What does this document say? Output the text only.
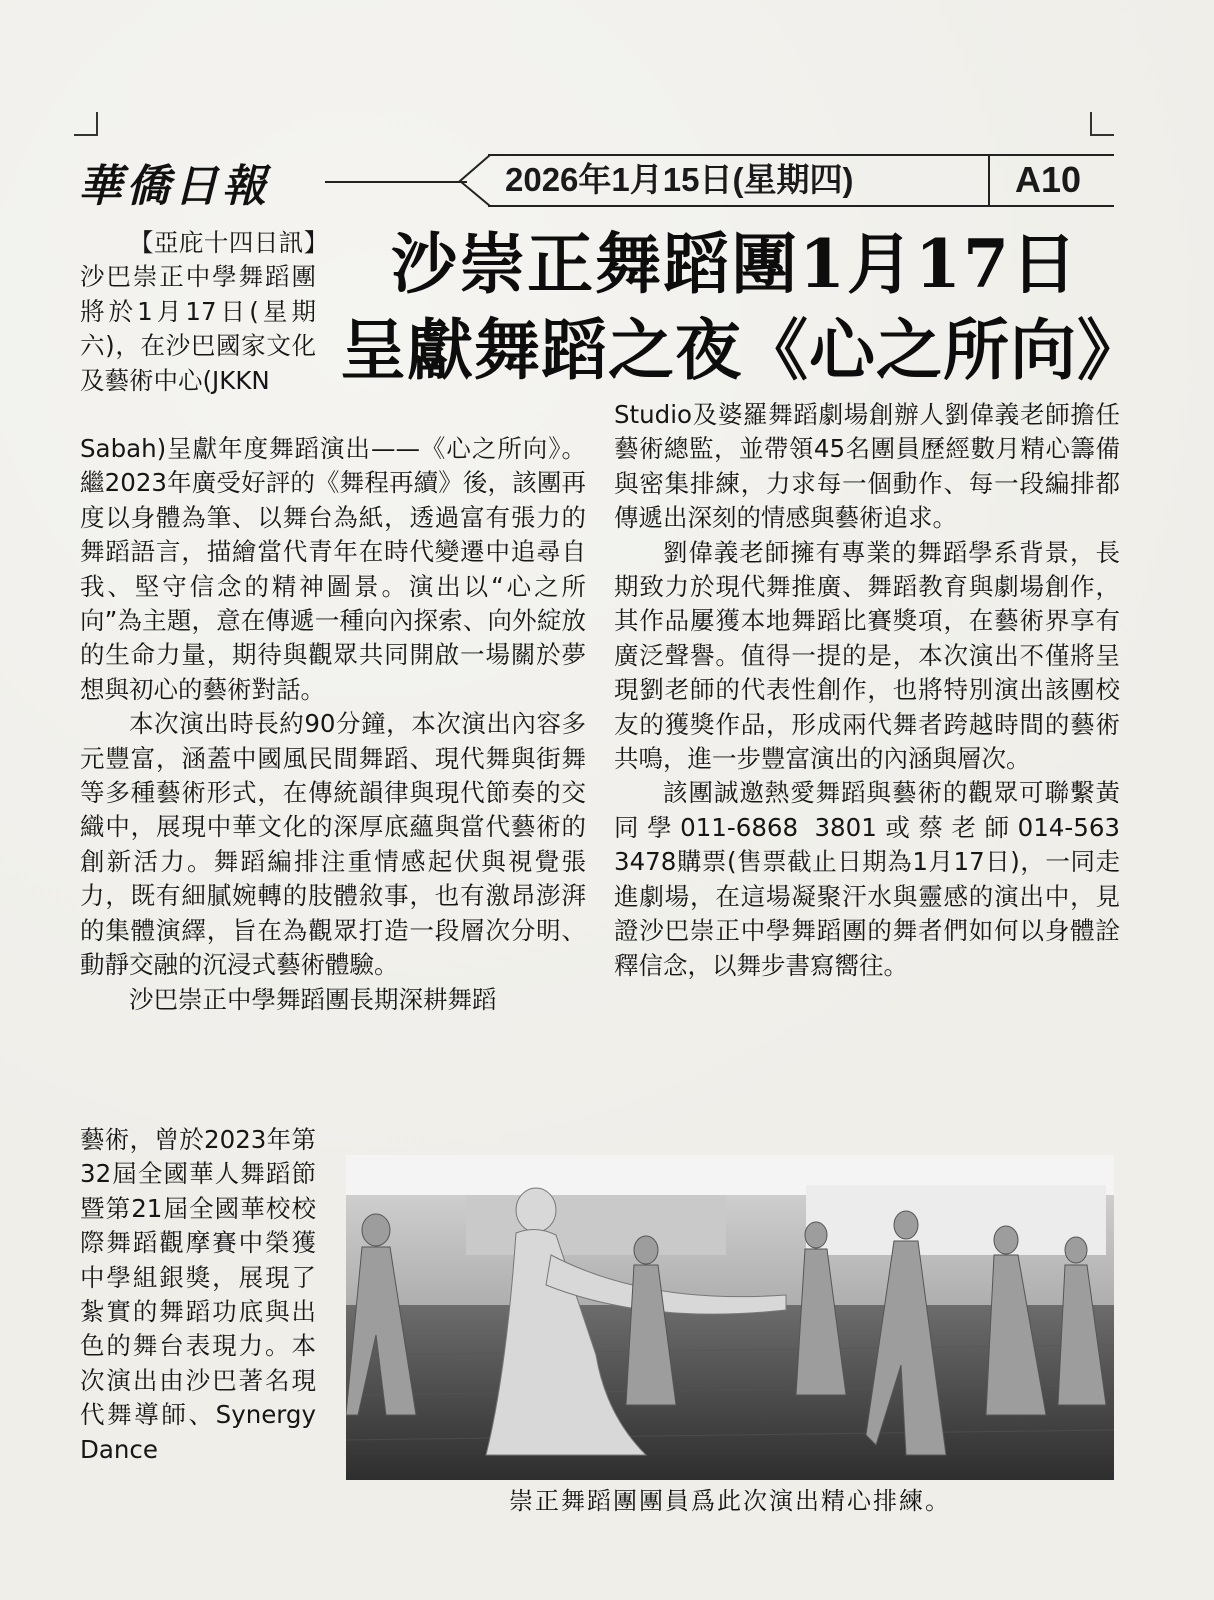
華僑日報	2026年1月15日(星期四)	A10
沙崇正舞蹈團1月17日
呈獻舞蹈之夜《心之所向》

【亞庇十四日訊】沙巴崇正中學舞蹈團將於1月17日(星期六)，在沙巴國家文化及藝術中心(JKKN

Sabah)呈獻年度舞蹈演出——《心之所向》。繼2023年廣受好評的《舞程再續》後，該團再度以身體為筆、以舞台為紙，透過富有張力的舞蹈語言，描繪當代青年在時代變遷中追尋自我、堅守信念的精神圖景。演出以“心之所向”為主題，意在傳遞一種向內探索、向外綻放的生命力量，期待與觀眾共同開啟一場關於夢想與初心的藝術對話。

本次演出時長約90分鐘，本次演出內容多元豐富，涵蓋中國風民間舞蹈、現代舞與街舞等多種藝術形式，在傳統韻律與現代節奏的交織中，展現中華文化的深厚底蘊與當代藝術的創新活力。舞蹈編排注重情感起伏與視覺張力，既有細膩婉轉的肢體敘事，也有激昂澎湃的集體演繹，旨在為觀眾打造一段層次分明、動靜交融的沉浸式藝術體驗。

沙巴崇正中學舞蹈團長期深耕舞蹈

藝術，曾於2023年第32屆全國華人舞蹈節暨第21屆全國華校校際舞蹈觀摩賽中榮獲中學組銀獎，展現了紮實的舞蹈功底與出色的舞台表現力。本次演出由沙巴著名現代舞導師、Synergy Dance

Studio及婆羅舞蹈劇場創辦人劉偉義老師擔任藝術總監，並帶領45名團員歷經數月精心籌備與密集排練，力求每一個動作、每一段編排都傳遞出深刻的情感與藝術追求。

劉偉義老師擁有專業的舞蹈學系背景，長期致力於現代舞推廣、舞蹈教育與劇場創作，其作品屢獲本地舞蹈比賽獎項，在藝術界享有廣泛聲譽。值得一提的是，本次演出不僅將呈現劉老師的代表性創作，也將特別演出該團校友的獲獎作品，形成兩代舞者跨越時間的藝術共鳴，進一步豐富演出的內涵與層次。

該團誠邀熱愛舞蹈與藝術的觀眾可聯繫黃同學011-6868 3801或蔡老師014-563 3478購票(售票截止日期為1月17日)，一同走進劇場，在這場凝聚汗水與靈感的演出中，見證沙巴崇正中學舞蹈團的舞者們如何以身體詮釋信念，以舞步書寫嚮往。

崇正舞蹈團團員爲此次演出精心排練。
